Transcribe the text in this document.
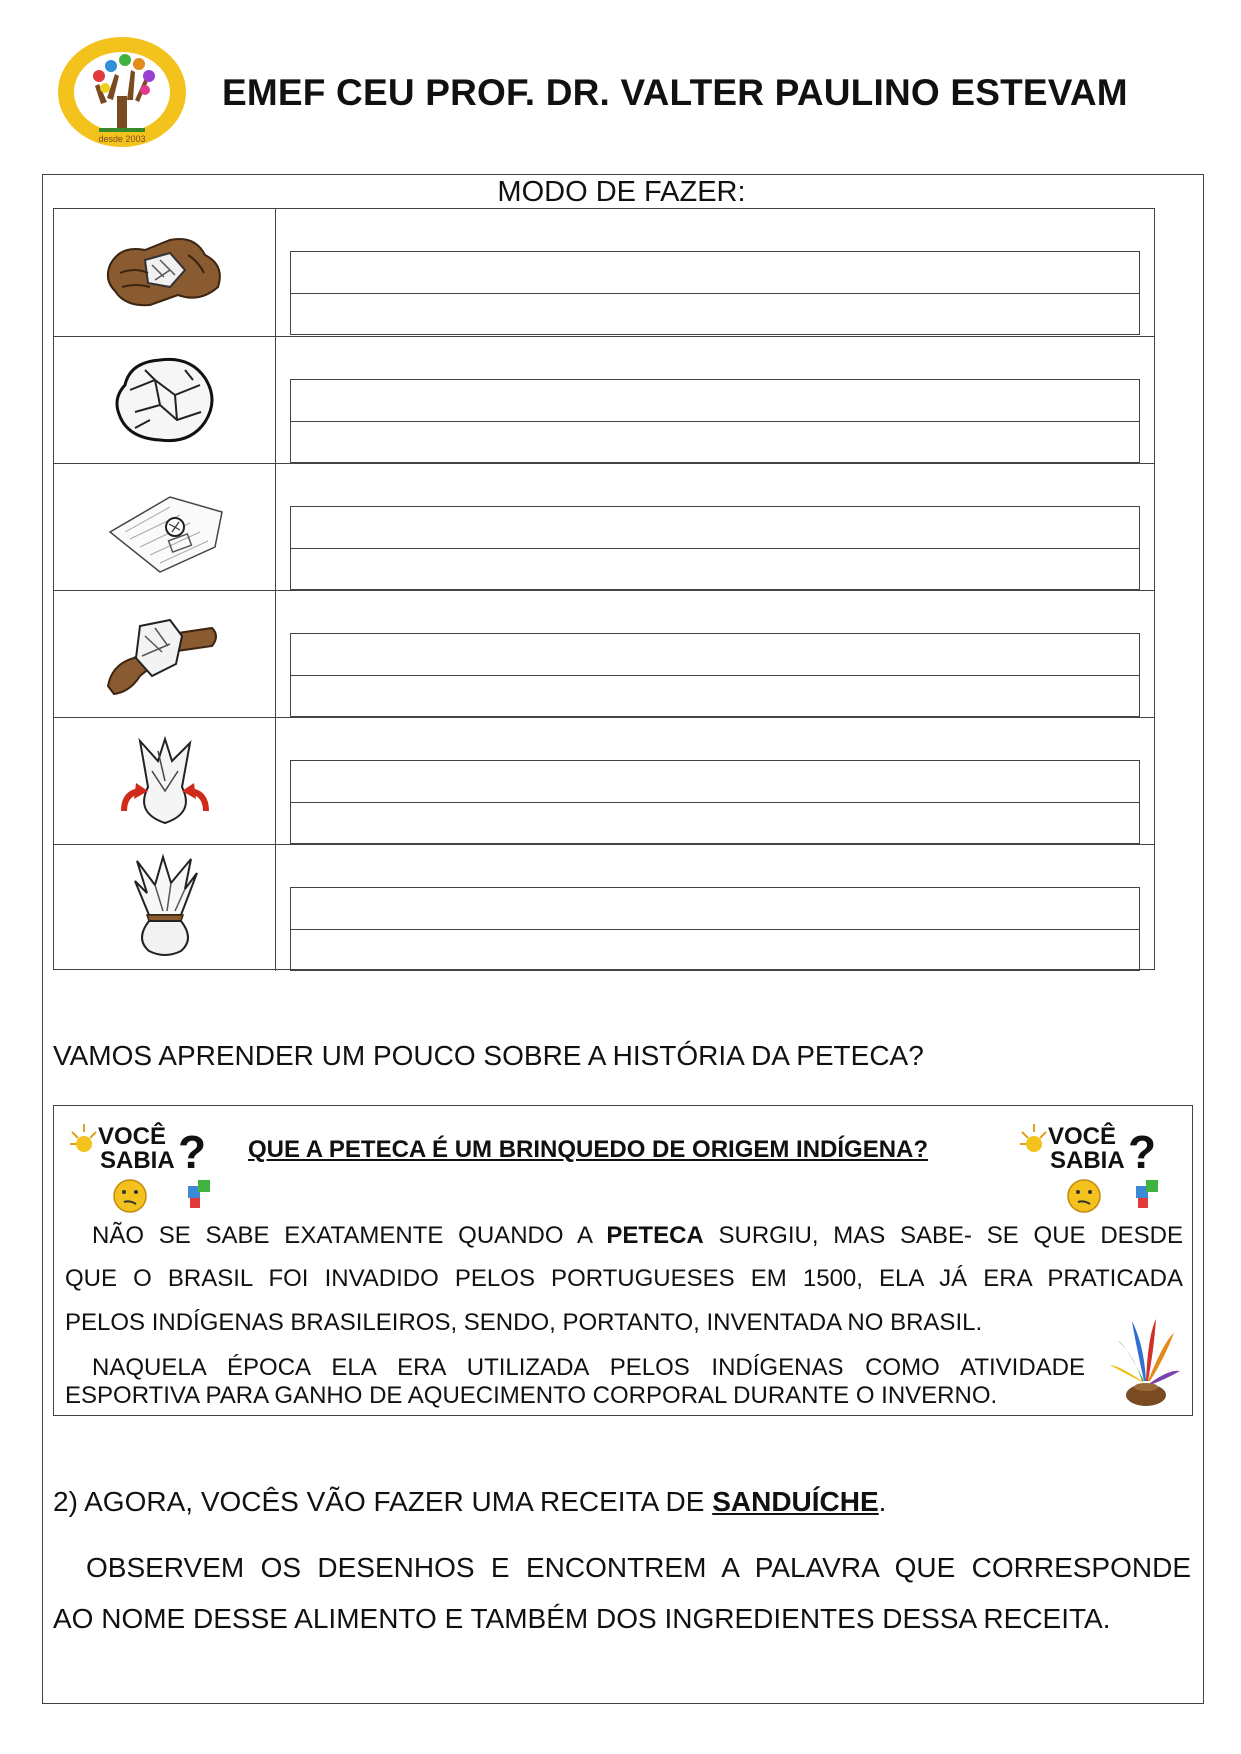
desde 2003
EMEF CEU PROF. DR. VALTER PAULINO ESTEVAM
MODO DE FAZER:
VAMOS APRENDER UM POUCO SOBRE A HISTÓRIA DA PETECA?
VOCÊ
SABIA ?	VOCÊ
SABIA ?
QUE A PETECA É UM BRINQUEDO DE ORIGEM INDÍGENA?
NÃO SE SABE EXATAMENTE QUANDO A PETECA SURGIU, MAS SABE- SE QUE DESDE
QUE O BRASIL FOI INVADIDO PELOS PORTUGUESES EM 1500, ELA JÁ ERA PRATICADA
PELOS INDÍGENAS BRASILEIROS, SENDO, PORTANTO, INVENTADA NO BRASIL.
NAQUELA ÉPOCA ELA ERA UTILIZADA PELOS INDÍGENAS COMO ATIVIDADE
ESPORTIVA PARA GANHO DE AQUECIMENTO CORPORAL DURANTE O INVERNO.
2) AGORA, VOCÊS VÃO FAZER UMA RECEITA DE SANDUÍCHE.
OBSERVEM OS DESENHOS E ENCONTREM A PALAVRA QUE CORRESPONDE
AO NOME DESSE ALIMENTO E TAMBÉM DOS INGREDIENTES DESSA RECEITA.
